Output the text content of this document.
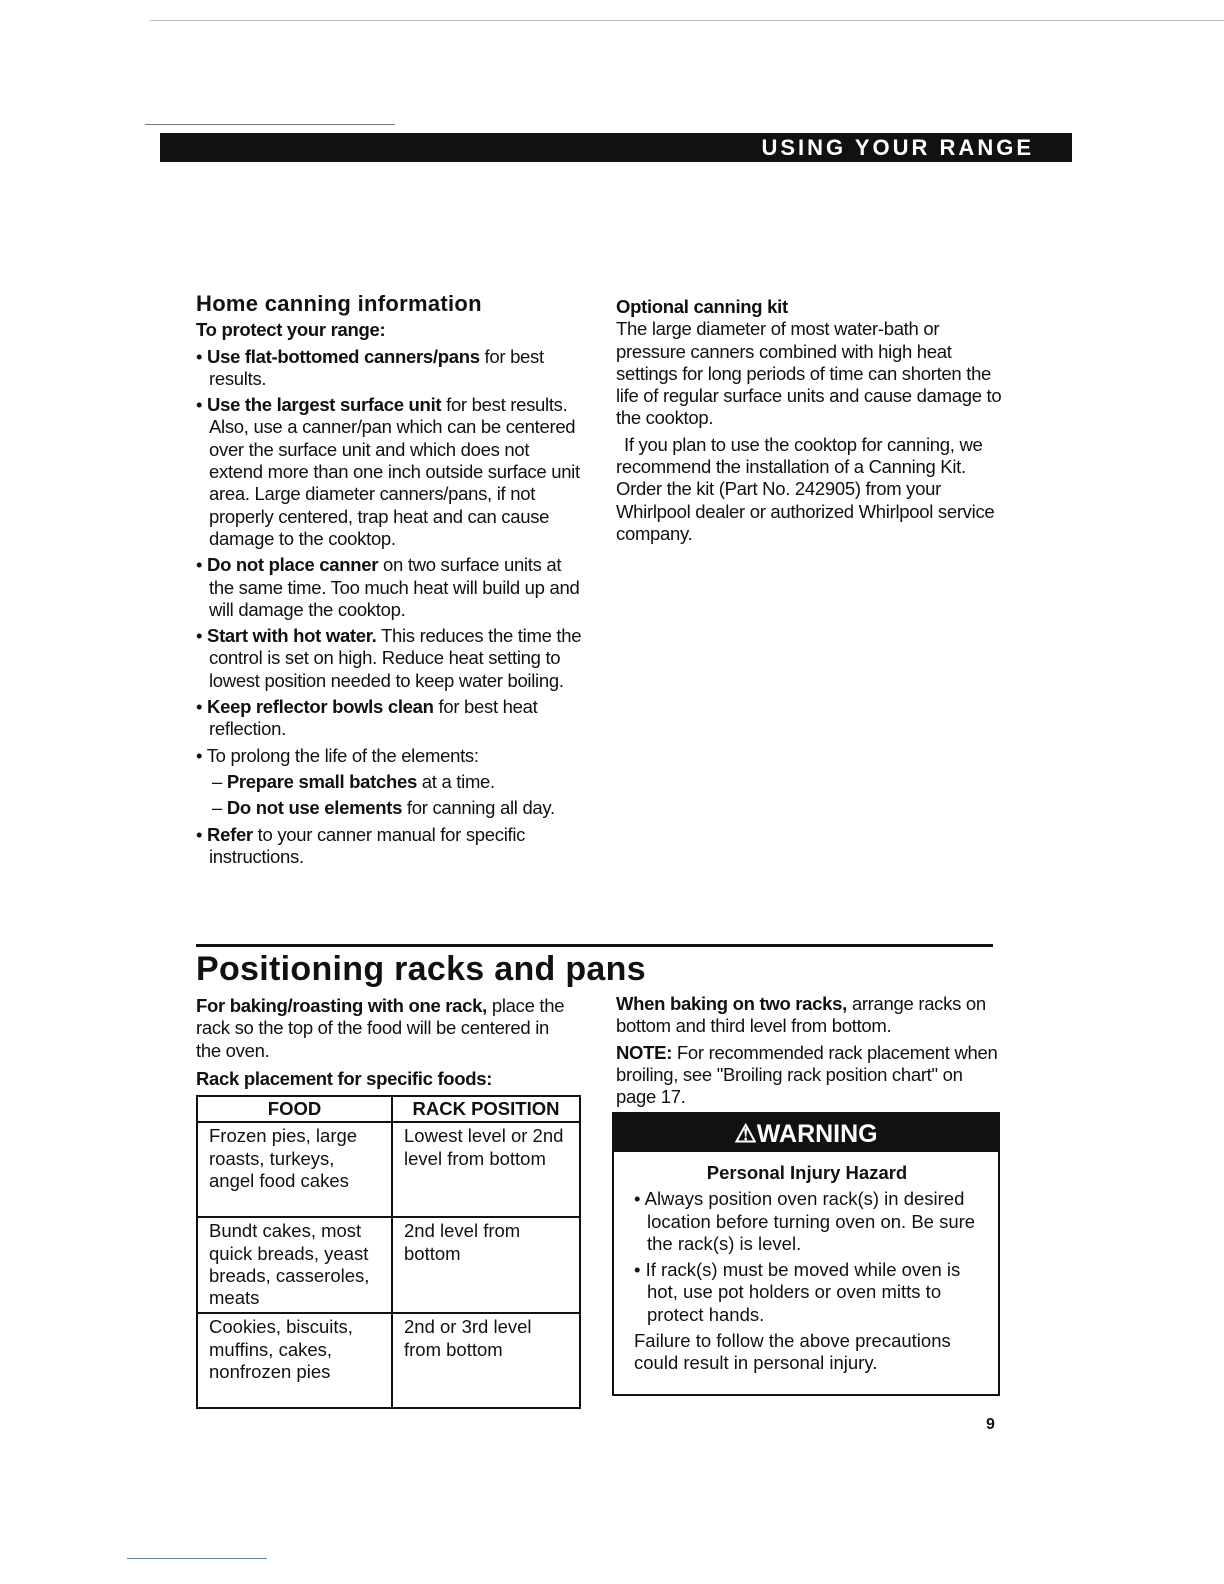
USING YOUR RANGE
Home canning information
To protect your range:
• Use flat-bottomed canners/pans for best results.
• Use the largest surface unit for best results. Also, use a canner/pan which can be centered over the surface unit and which does not extend more than one inch outside surface unit area. Large diameter canners/pans, if not properly centered, trap heat and can cause damage to the cooktop.
• Do not place canner on two surface units at the same time. Too much heat will build up and will damage the cooktop.
• Start with hot water. This reduces the time the control is set on high. Reduce heat setting to lowest position needed to keep water boiling.
• Keep reflector bowls clean for best heat reflection.
• To prolong the life of the elements:
– Prepare small batches at a time.
– Do not use elements for canning all day.
• Refer to your canner manual for specific instructions.
Optional canning kit

The large diameter of most water-bath or pressure canners combined with high heat settings for long periods of time can shorten the life of regular surface units and cause damage to the cooktop.

If you plan to use the cooktop for canning, we recommend the installation of a Canning Kit. Order the kit (Part No. 242905) from your Whirlpool dealer or authorized Whirlpool service company.

Positioning racks and pans

For baking/roasting with one rack, place the rack so the top of the food will be centered in the oven.

Rack placement for specific foods:
FOOD	RACK POSITION
Frozen pies, large roasts, turkeys, angel food cakes	Lowest level or 2nd level from bottom
Bundt cakes, most quick breads, yeast breads, casseroles, meats	2nd level from bottom
Cookies, biscuits, muffins, cakes, nonfrozen pies	2nd or 3rd level from bottom

When baking on two racks, arrange racks on bottom and third level from bottom.

NOTE: For recommended rack placement when broiling, see "Broiling rack position chart" on page 17.

⚠WARNING
Personal Injury Hazard
• Always position oven rack(s) in desired location before turning oven on. Be sure the rack(s) is level.
• If rack(s) must be moved while oven is hot, use pot holders or oven mitts to protect hands.

Failure to follow the above precautions could result in personal injury.

9
